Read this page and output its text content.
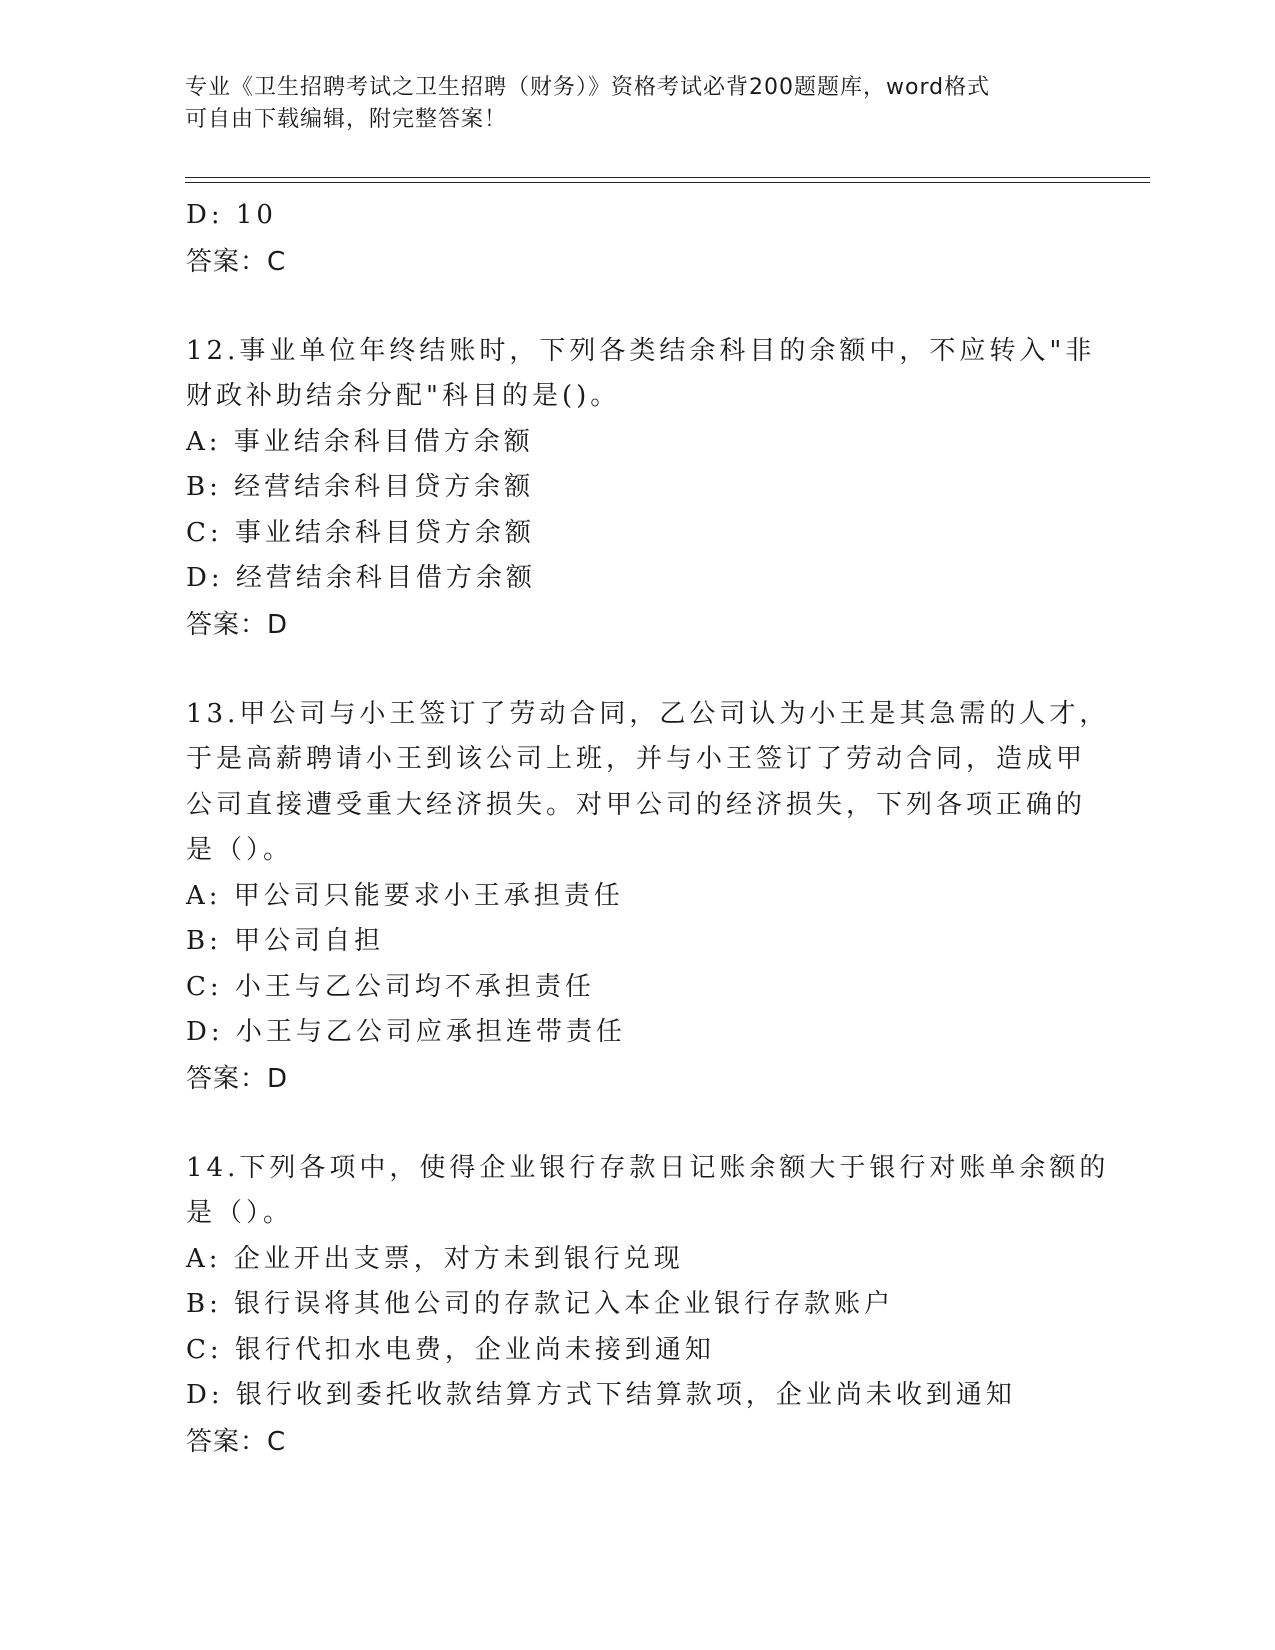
专业《卫生招聘考试之卫生招聘（财务）》资格考试必背200题题库，word格式
可自由下载编辑，附完整答案！
D: 10
答案：C
12.事业单位年终结账时，下列各类结余科目的余额中，不应转入"非
财政补助结余分配"科目的是()。
A: 事业结余科目借方余额
B: 经营结余科目贷方余额
C: 事业结余科目贷方余额
D: 经营结余科目借方余额
答案：D
13.甲公司与小王签订了劳动合同，乙公司认为小王是其急需的人才，
于是高薪聘请小王到该公司上班，并与小王签订了劳动合同，造成甲
公司直接遭受重大经济损失。对甲公司的经济损失，下列各项正确的
是（）。
A: 甲公司只能要求小王承担责任
B: 甲公司自担
C: 小王与乙公司均不承担责任
D: 小王与乙公司应承担连带责任
答案：D
14.下列各项中，使得企业银行存款日记账余额大于银行对账单余额的
是（）。
A: 企业开出支票，对方未到银行兑现
B: 银行误将其他公司的存款记入本企业银行存款账户
C: 银行代扣水电费，企业尚未接到通知
D: 银行收到委托收款结算方式下结算款项，企业尚未收到通知
答案：C
